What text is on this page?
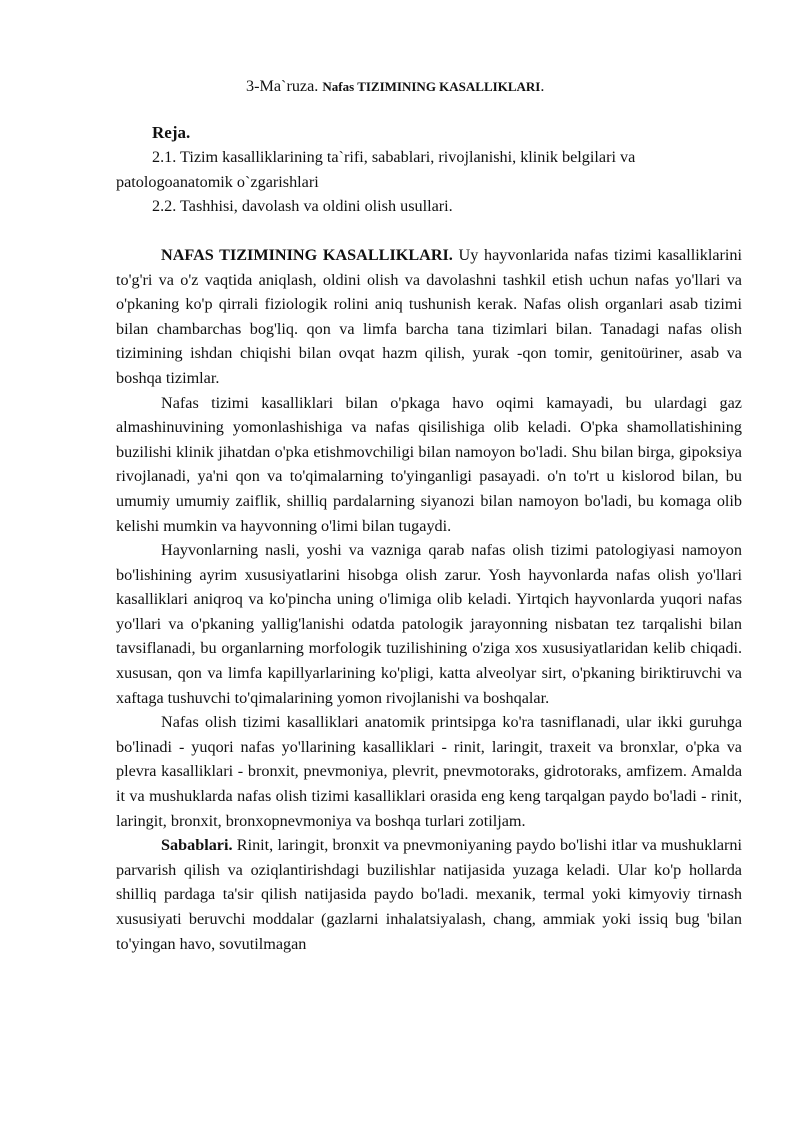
3-Ma`ruza. Nafas TIZIMINING KASALLIKLARI.

Reja.

2.1. Tizim kasalliklarining ta`rifi, sabablari, rivojlanishi, klinik belgilari va patologoanatomik o`zgarishlari

2.2. Tashhisi, davolash va oldini olish usullari.

NAFAS TIZIMINING KASALLIKLARI. Uy hayvonlarida nafas tizimi kasalliklarini to'g'ri va o'z vaqtida aniqlash, oldini olish va davolashni tashkil etish uchun nafas yo'llari va o'pkaning ko'p qirrali fiziologik rolini aniq tushunish kerak. Nafas olish organlari asab tizimi bilan chambarchas bog'liq. qon va limfa barcha tana tizimlari bilan. Tanadagi nafas olish tizimining ishdan chiqishi bilan ovqat hazm qilish, yurak -qon tomir, genitoüriner, asab va boshqa tizimlar.

Nafas tizimi kasalliklari bilan o'pkaga havo oqimi kamayadi, bu ulardagi gaz almashinuvining yomonlashishiga va nafas qisilishiga olib keladi. O'pka shamollatishining buzilishi klinik jihatdan o'pka etishmovchiligi bilan namoyon bo'ladi. Shu bilan birga, gipoksiya rivojlanadi, ya'ni qon va to'qimalarning to'yinganligi pasayadi. o'n to'rt u kislorod bilan, bu umumiy umumiy zaiflik, shilliq pardalarning siyanozi bilan namoyon bo'ladi, bu komaga olib kelishi mumkin va hayvonning o'limi bilan tugaydi.

Hayvonlarning nasli, yoshi va vazniga qarab nafas olish tizimi patologiyasi namoyon bo'lishining ayrim xususiyatlarini hisobga olish zarur. Yosh hayvonlarda nafas olish yo'llari kasalliklari aniqroq va ko'pincha uning o'limiga olib keladi. Yirtqich hayvonlarda yuqori nafas yo'llari va o'pkaning yallig'lanishi odatda patologik jarayonning nisbatan tez tarqalishi bilan tavsiflanadi, bu organlarning morfologik tuzilishining o'ziga xos xususiyatlaridan kelib chiqadi. xususan, qon va limfa kapillyarlarining ko'pligi, katta alveolyar sirt, o'pkaning biriktiruvchi va xaftaga tushuvchi to'qimalarining yomon rivojlanishi va boshqalar.

Nafas olish tizimi kasalliklari anatomik printsipga ko'ra tasniflanadi, ular ikki guruhga bo'linadi - yuqori nafas yo'llarining kasalliklari - rinit, laringit, traxeit va bronxlar, o'pka va plevra kasalliklari - bronxit, pnevmoniya, plevrit, pnevmotoraks, gidrotoraks, amfizem. Amalda it va mushuklarda nafas olish tizimi kasalliklari orasida eng keng tarqalgan paydo bo'ladi - rinit, laringit, bronxit, bronxopnevmoniya va boshqa turlari zotiljam.

Sabablari. Rinit, laringit, bronxit va pnevmoniyaning paydo bo'lishi itlar va mushuklarni parvarish qilish va oziqlantirishdagi buzilishlar natijasida yuzaga keladi. Ular ko'p hollarda shilliq pardaga ta'sir qilish natijasida paydo bo'ladi. mexanik, termal yoki kimyoviy tirnash xususiyati beruvchi moddalar (gazlarni inhalatsiyalash, chang, ammiak yoki issiq bug 'bilan to'yingan havo, sovutilmagan
